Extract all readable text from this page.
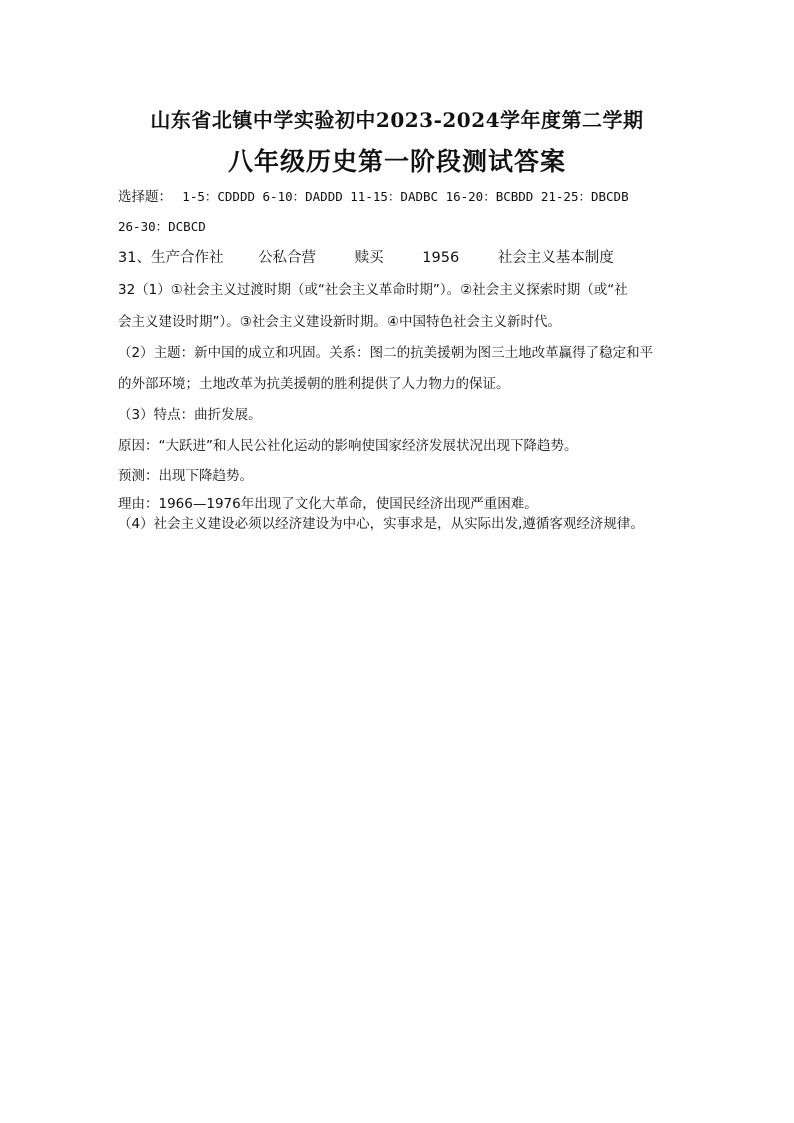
山东省北镇中学实验初中2023-2024学年度第二学期
八年级历史第一阶段测试答案
选择题： 1-5：CDDDD 6-10：DADDD 11-15：DADBC 16-20：BCBDD 21-25：DBCDB
26-30：DCBCD
31、生产合作社 公私合营	赎买	1956	社会主义基本制度
32（1）①社会主义过渡时期（或“社会主义革命时期”）。②社会主义探索时期（或“社
会主义建设时期”）。③社会主义建设新时期。④中国特色社会主义新时代。
（2）主题：新中国的成立和巩固。关系：图二的抗美援朝为图三土地改革赢得了稳定和平
的外部环境；土地改革为抗美援朝的胜利提供了人力物力的保证。
（3）特点：曲折发展。
原因：“大跃进”和人民公社化运动的影响使国家经济发展状况出现下降趋势。
预测：出现下降趋势。
理由：1966—1976年出现了文化大革命，使国民经济出现严重困难。
（4）社会主义建设必须以经济建设为中心，实事求是，从实际出发,遵循客观经济规律。
